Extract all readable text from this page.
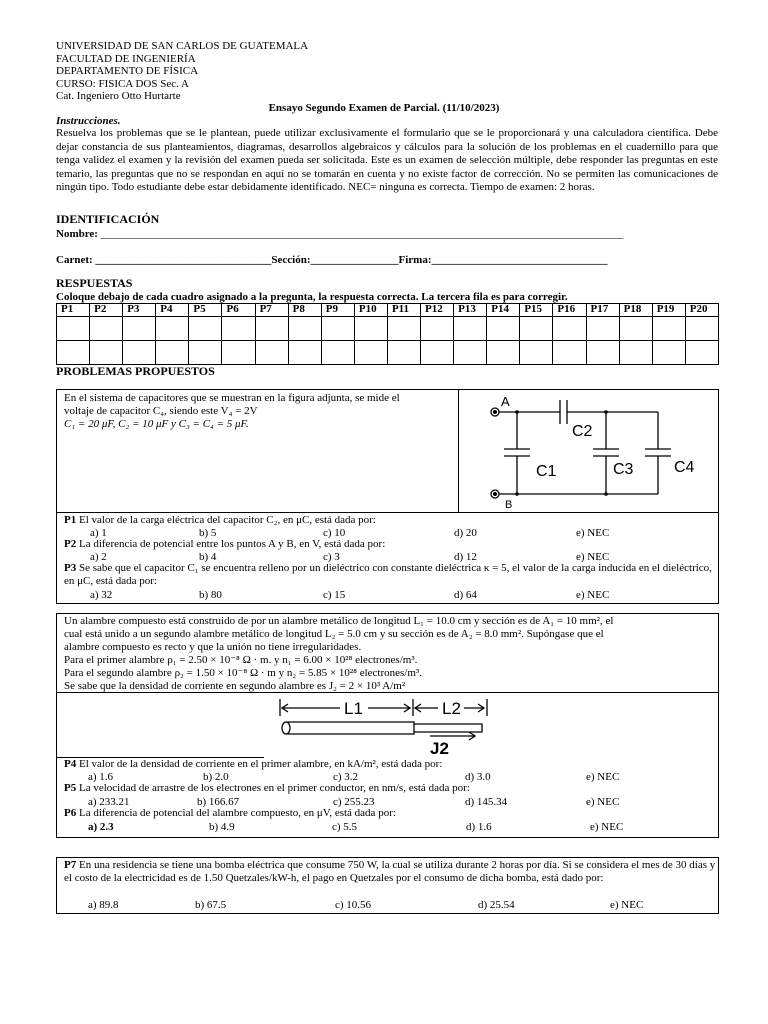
UNIVERSIDAD DE SAN CARLOS DE GUATEMALA
FACULTAD DE INGENIERÍA
DEPARTAMENTO DE FÍSICA
CURSO: FISICA DOS Sec. A
Cat. Ingeniero Otto Hurtarte
Ensayo Segundo Examen de Parcial. (11/10/2023)
Instrucciones.
Resuelva los problemas que se le plantean, puede utilizar exclusivamente el formulario que se le proporcionará y una calculadora científica. Debe dejar constancia de sus planteamientos, diagramas, desarrollos algebraicos y cálculos para la solución de los problemas en el cuadernillo para que tenga validez el examen y la revisión del examen pueda ser solicitada. Este es un examen de selección múltiple, debe responder las preguntas en este temario, las preguntas que no se respondan en aquí no se tomarán en cuenta y no existe factor de corrección. No se permiten las comunicaciones de ningún tipo. Todo estudiante debe estar debidamente identificado. NEC= ninguna es correcta. Tiempo de examen: 2 horas.
IDENTIFICACIÓN
Nombre: _______________________________________________________________________________________________
Carnet: ________________________________Sección:________________Firma:________________________________
RESPUESTAS
Coloque debajo de cada cuadro asignado a la pregunta, la respuesta correcta. La tercera fila es para corregir.
P1	P2	P3	P4	P5	P6	P7	P8	P9	P10	P11	P12	P13	P14	P15	P16	P17	P18	P19	P20

PROBLEMAS PROPUESTOS
En el sistema de capacitores que se muestran en la figura adjunta, se mide el
voltaje de capacitor C₄, siendo este V₄ = 2V
C₁ = 20 μF, C₂ = 10 μF y C₃ = C₄ = 5 μF.
A
B
C2
C1	C3	C4
P1 El valor de la carga eléctrica del capacitor C₂, en μC, está dada por:
a) 1	b) 5	c) 10	d) 20	e) NEC
P2 La diferencia de potencial entre los puntos A y B, en V, está dada por:
a) 2	b) 4	c) 3	d) 12	e) NEC
P3 Se sabe que el capacitor C₁ se encuentra relleno por un dieléctrico con constante dieléctrica κ = 5, el valor de la carga inducida en el dieléctrico, en μC, está dada por:
a) 32	b) 80	c) 15	d) 64	e) NEC
Un alambre compuesto está construido de por un alambre metálico de longitud L₁ = 10.0 cm y sección es de A₁ = 10 mm², el
cual está unido a un segundo alambre metálico de longitud L₂ = 5.0 cm y su sección es de A₂ = 8.0 mm². Supóngase que el
alambre compuesto es recto y que la unión no tiene irregularidades.
Para el primer alambre ρ₁ = 2.50 × 10⁻⁸ Ω · m. y n₁ = 6.00 × 10²⁸ electrones/m³.
Para el segundo alambre ρ₂ = 1.50 × 10⁻⁸ Ω · m y n₂ = 5.85 × 10²⁸ electrones/m³.
Se sabe que la densidad de corriente en segundo alambre es J₂ = 2 × 10³ A/m²
L1	L2
J2
P4 El valor de la densidad de corriente en el primer alambre, en kA/m², está dada por:
a) 1.6	b) 2.0	c) 3.2	d) 3.0	e) NEC
P5 La velocidad de arrastre de los electrones en el primer conductor, en nm/s, está dada por:
a) 233.21	b) 166.67	c) 255.23	d) 145.34	e) NEC
P6 La diferencia de potencial del alambre compuesto, en μV, está dada por:
a) 2.3	b) 4.9	c) 5.5	d) 1.6	e) NEC
P7 En una residencia se tiene una bomba eléctrica que consume 750 W, la cual se utiliza durante 2 horas por día. Si se considera el mes de 30 días y el costo de la electricidad es de 1.50 Quetzales/kW-h, el pago en Quetzales por el consumo de dicha bomba, está dado por:
a) 89.8	b) 67.5	c) 10.56	d) 25.54	e) NEC
